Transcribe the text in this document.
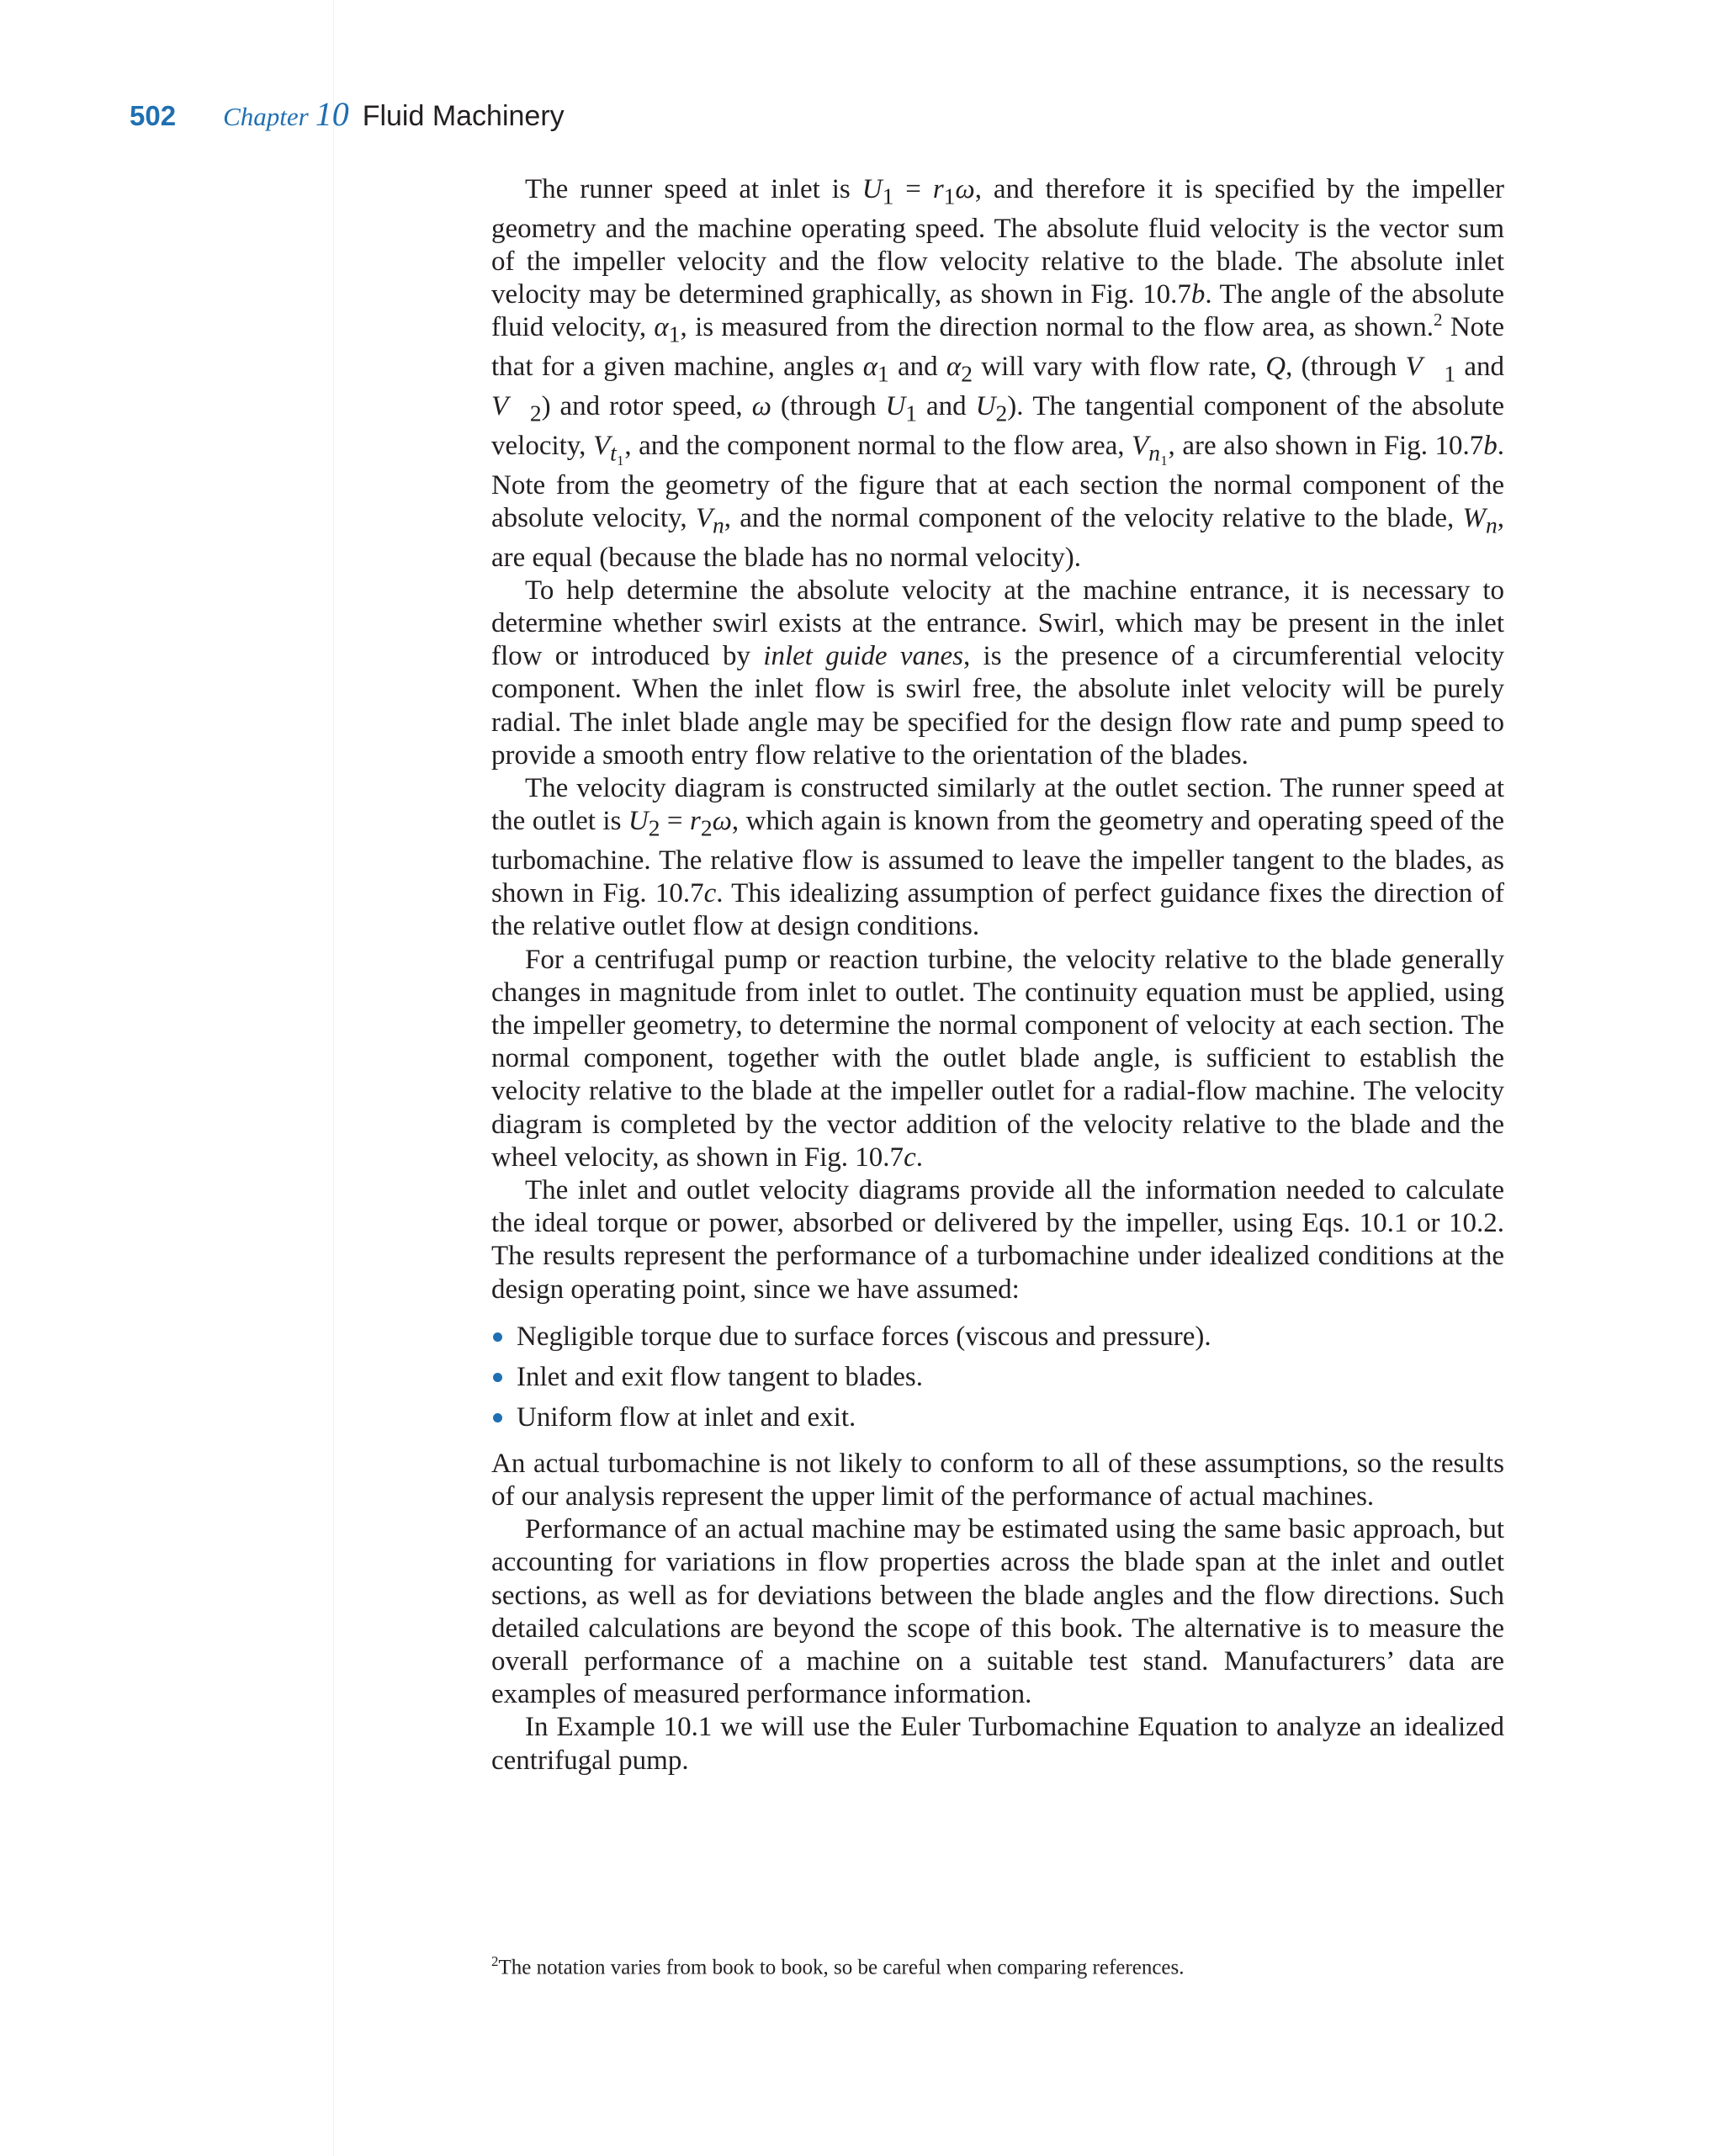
502 Chapter 10 Fluid Machinery

The runner speed at inlet is $U_1 = r_1\omega$, and therefore it is specified by the impeller geometry and the machine operating speed. The absolute fluid velocity is the vector sum of the impeller velocity and the flow velocity relative to the blade. The absolute inlet velocity may be determined graphically, as shown in Fig. 10.7b. The angle of the absolute fluid velocity, $\alpha_1$, is measured from the direction normal to the flow area, as shown.$^2$ Note that for a given machine, angles $\alpha_1$ and $\alpha_2$ will vary with flow rate, Q, (through $V⃗_1$ and $V⃗_2$) and rotor speed, ω (through $U_1$ and $U_2$). The tangential component of the absolute velocity, $V_{t_1}$, and the component normal to the flow area, $V_{n_1}$, are also shown in Fig. 10.7b. Note from the geometry of the figure that at each section the normal component of the absolute velocity, $V_n$, and the normal component of the velocity relative to the blade, $W_n$, are equal (because the blade has no normal velocity).

To help determine the absolute velocity at the machine entrance, it is necessary to determine whether swirl exists at the entrance. Swirl, which may be present in the inlet flow or introduced by inlet guide vanes, is the presence of a circumferential velocity component. When the inlet flow is swirl free, the absolute inlet velocity will be purely radial. The inlet blade angle may be specified for the design flow rate and pump speed to provide a smooth entry flow relative to the orientation of the blades.

The velocity diagram is constructed similarly at the outlet section. The runner speed at the outlet is $U_2 = r_2\omega$, which again is known from the geometry and operating speed of the turbomachine. The relative flow is assumed to leave the impeller tangent to the blades, as shown in Fig. 10.7c. This idealizing assumption of perfect guidance fixes the direction of the relative outlet flow at design conditions.

For a centrifugal pump or reaction turbine, the velocity relative to the blade generally changes in magnitude from inlet to outlet. The continuity equation must be applied, using the impeller geometry, to determine the normal component of velocity at each section. The normal component, together with the outlet blade angle, is sufficient to establish the velocity relative to the blade at the impeller outlet for a radial-flow machine. The velocity diagram is completed by the vector addition of the velocity relative to the blade and the wheel velocity, as shown in Fig. 10.7c.

The inlet and outlet velocity diagrams provide all the information needed to calculate the ideal torque or power, absorbed or delivered by the impeller, using Eqs. 10.1 or 10.2. The results represent the performance of a turbomachine under idealized conditions at the design operating point, since we have assumed:

Negligible torque due to surface forces (viscous and pressure).
Inlet and exit flow tangent to blades.
Uniform flow at inlet and exit.

An actual turbomachine is not likely to conform to all of these assumptions, so the results of our analysis represent the upper limit of the performance of actual machines.

Performance of an actual machine may be estimated using the same basic approach, but accounting for variations in flow properties across the blade span at the inlet and outlet sections, as well as for deviations between the blade angles and the flow directions. Such detailed calculations are beyond the scope of this book. The alternative is to measure the overall performance of a machine on a suitable test stand. Manufacturers’ data are examples of measured performance information.

In Example 10.1 we will use the Euler Turbomachine Equation to analyze an idealized centrifugal pump.

$^2$The notation varies from book to book, so be careful when comparing references.
